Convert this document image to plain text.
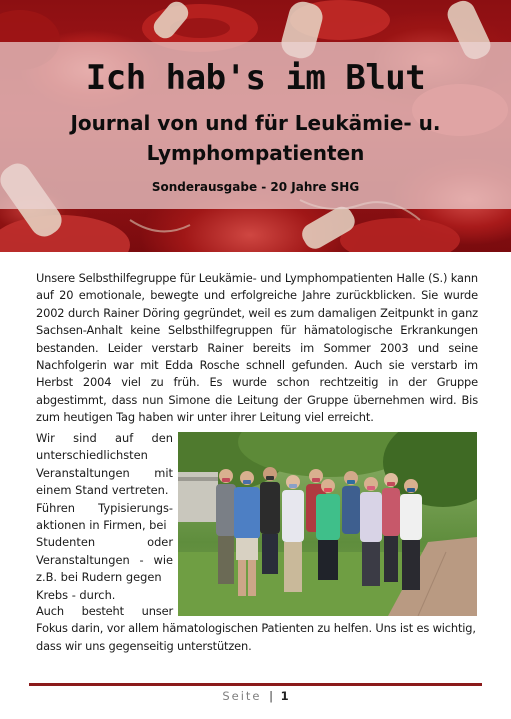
Ich hab's im Blut
Journal von und für Leukämie- u.
Lymphompatienten
Sonderausgabe - 20 Jahre SHG

Unsere Selbsthilfegruppe für Leukämie- und Lymphompatienten Halle (S.) kann auf 20 emotionale, bewegte und erfolgreiche Jahre zurückblicken. Sie wurde 2002 durch Rainer Döring gegründet, weil es zum damaligen Zeitpunkt in ganz Sachsen-Anhalt keine Selbsthilfegruppen für hämatologische Erkrankungen bestanden. Leider verstarb Rainer bereits im Sommer 2003 und seine Nachfolgerin war mit Edda Rosche schnell gefunden. Auch sie verstarb im Herbst 2004 viel zu früh. Es wurde schon rechtzeitig in der Gruppe abgestimmt, dass nun Simone die Leitung der Gruppe übernehmen wird. Bis zum heutigen Tag haben wir unter ihrer Leitung viel erreicht.

Wir sind auf den
unterschiedlichsten
Veranstaltungen mit
einem Stand vertreten.
Führen Typisierungs-
aktionen in Firmen, bei
Studenten	oder
Veranstaltungen - wie
z.B. bei Rudern gegen
Krebs - durch.
Auch besteht unser
Fokus darin, vor allem hämatologischen Patienten zu helfen. Uns ist es wichtig,
dass wir uns gegenseitig unterstützen.
Seite | 1
